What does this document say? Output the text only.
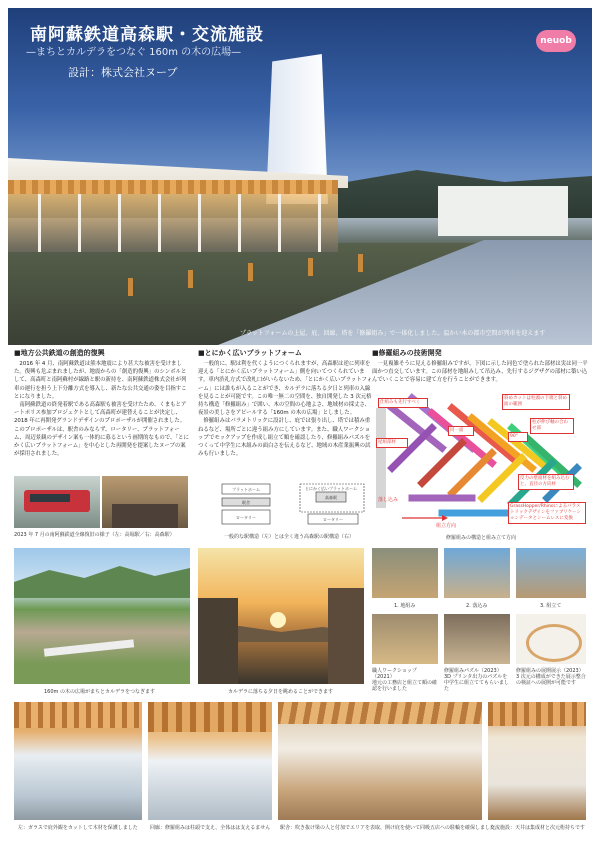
南阿蘇鉄道高森駅・交流施設
—まちとカルデラをつなぐ 160m の木の広場—
設計：株式会社ヌーブ
neuob
プラットフォームの上屋、庇、回廊、塔を「修羅組み」で一体化しました。温かい木の都市空間が列車を迎えます
■地方公共鉄道の創造的復興

2016 年 4 月、南阿蘇鉄道は熊本地震により甚大な被害を受けました。復興も危ぶまれましたが、地震からの「創造的復興」のシンボルとして、高森町と南阿蘇村が線路と駅の新持を、南阿蘇鉄道株式会社が列車の運行を担う上下分離方式を導入し、新たな公共交通の姿を目指すことになりました。

南阿蘇鉄道の終発着駅である高森駅も被害を受けたため、くまもとアートポリス参加プロジェクトとして高森町が建替えることが決定し、2018 年に再開発グランドデザインのプロポーザルが開催されました。このプロポーザルは、駅舎のみならず、ロータリー、プラットフォーム、周辺景観のデザイン案も一体的に募るという画期的なもので、「とにかく広いプラットフォーム」を中心とした再開発を提案したヌーブの案が採用されました。

2023 年 7 月の南阿蘇鉄道全線復旧の様子（左：高堀駅／右：高森駅）
■とにかく広いプラットフォーム

一般的に、駅は利を代くようにつくられますが、高森駅は逆に列車を迎える「とにかく広いプラットフォーム」側を向いてつくられています。車内渋礼方式で改札口がいらないため、「とにかく広いプラットフォーム」には誰もが入ることができ、カルデラに落ちる夕日と列車の入線を見ることが可能です。この唯一無二の空間を、独自開発した 3 次元格持ち構造「修羅組み」で囲い、木の空間の心地よさ、地域材の採丈さ、夜景の美しさをアピールする「160m の木の広場」としました。

修羅組みはパラメトリックに設計し、庇では張り出し、塔では積み重ねるなど、場所ごとに違う組み方にしています。また、職人ワークショップでモックアップを作成し組立て順を確認したり、修羅組みパズルをつくって中学生に木組みの面白さを伝えるなど、地域の木産業振興の試みも行いました。

プラットホーム
駅舎
ロータリー
とにかく広いプラットホーム
高森駅
ロータリー
一般的な駅構造（左）とは全く違う高森駅の駅構造（右）
■修羅組みの技術開発

一見複雑そうに見える修羅組みですが、下図に示した同色で塗られた部材は実は同一平面かつ直交しています。この部材を地組みして吊込み、先行するジグザグの部材に築い込んでいくことで容易に建て方を行うことができます。

斜めカットは柱頭の下端と斜め面の範囲
柱が伸び軸の合わせ部
仕組みも先行すべく
同一面
90°
屋組部材
反力の壁面材を組み込むと、直径の方向材
GrassHopper/Rhinoによるパラメトリックデザインをファブリケーションデータとシームレスに変換
落し込み
組立方向
修羅組みの構造と組み立て方向
160m の木の広場がまちとカルデラをつなぎます	カルデラに落ちる夕日を眺めることができます
1. 地組み	2. 落込み	3. 組立て
職人ワークショップ（2021）
地元の工務店と組立て順の確認を行いました
修羅組みパズル（2023）
3D プリンタ出力のパズルを中学生に組立ててもらいました
修羅組みの展開展示（2023）
3 次元の構成ができた展示整合の検証への展開が可能です
左：ガラスで庇外観をカットして木材を保護しました 回廊：修羅組みは柱頭で支え、全体はは支えるません 駅舎：吹き抜け梁の人と付加でエリアを表取、開け庇を使いて同吸五店への駐輪を確保しました
交流施設：天井は集成材と次元桁持ちです
